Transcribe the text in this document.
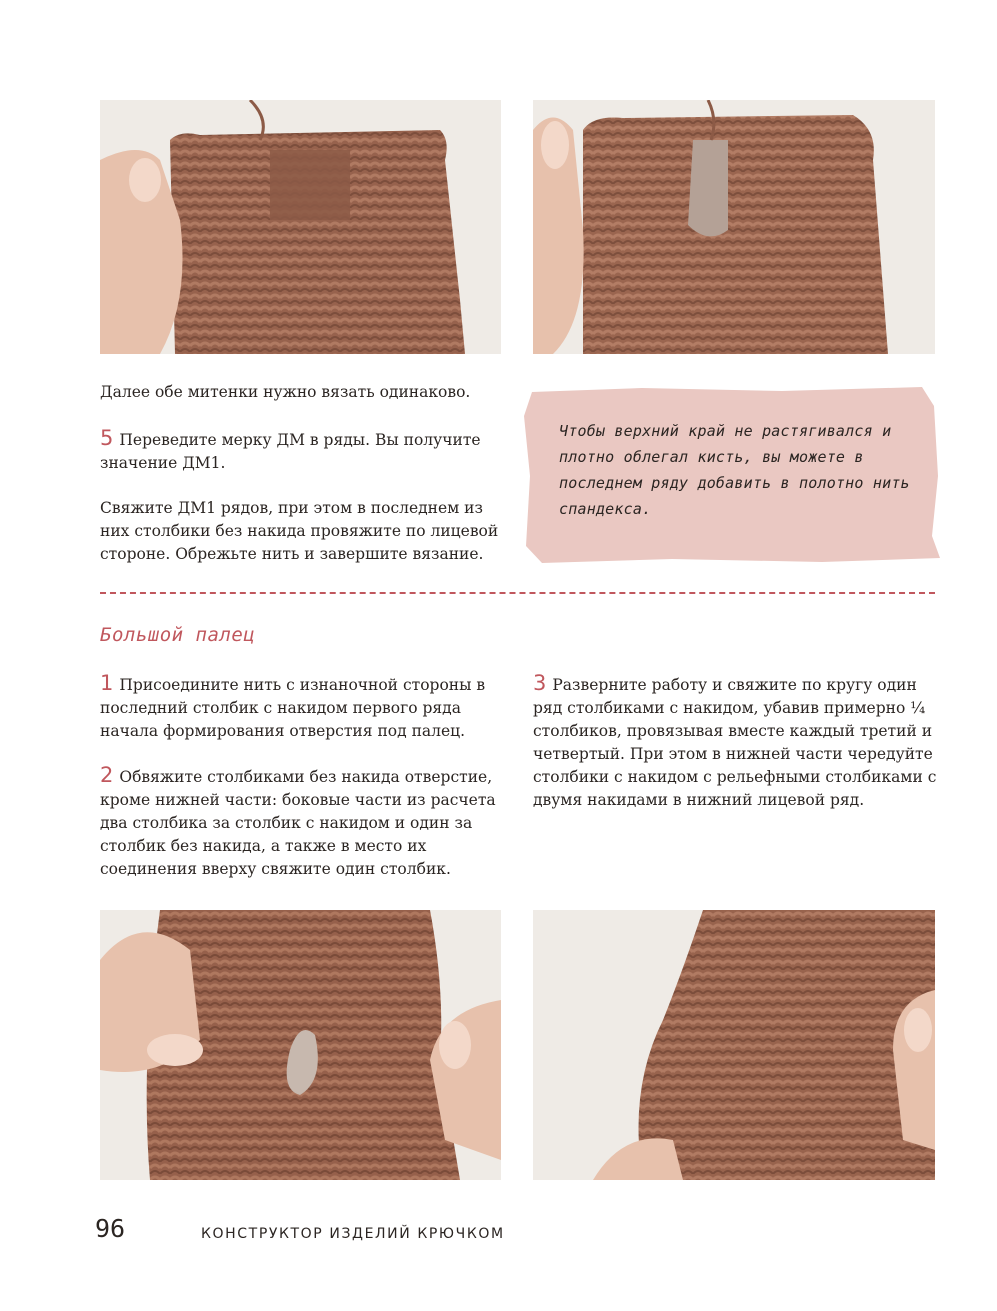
Далее обе митенки нужно вязать одинаково.

5 Переведите мерку ДМ в ряды. Вы получите значение ДМ1.

Свяжите ДМ1 рядов, при этом в последнем из них столбики без накида провяжите по лицевой стороне. Обрежьте нить и завершите вязание.
Чтобы верхний край не растягивался и плотно облегал кисть, вы можете в последнем ряду добавить в полотно нить спандекса.
Большой палец

1 Присоедините нить с изнаночной стороны в последний столбик с накидом первого ряда начала формирования отверстия под палец.

2 Обвяжите столбиками без накида отверстие, кроме нижней части: боковые части из расчета два столбика за столбик с накидом и один за столбик без накида, а также в место их соединения вверху свяжите один столбик.

3 Разверните работу и свяжите по кругу один ряд столбиками с накидом, убавив примерно ¼ столбиков, провязывая вместе каждый третий и четвертый. При этом в нижней части чередуйте столбики с накидом с рельефными столбиками с двумя накидами в нижний лицевой ряд.

96	КОНСТРУКТОР ИЗДЕЛИЙ КРЮЧКОМ
